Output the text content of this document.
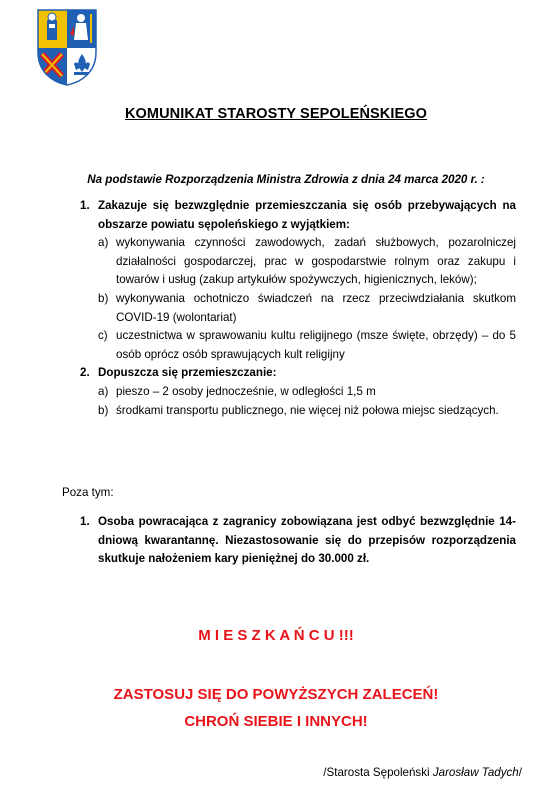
KOMUNIKAT STAROSTY SEPOLEŃSKIEGO
Na podstawie Rozporządzenia Ministra Zdrowia z dnia 24 marca 2020 r. :
1. Zakazuje się bezwzględnie przemieszczania się osób przebywających na obszarze powiatu sępoleńskiego z wyjątkiem:
a) wykonywania czynności zawodowych, zadań służbowych, pozarolniczej działalności gospodarczej, prac w gospodarstwie rolnym oraz zakupu i towarów i usług (zakup artykułów spożywczych, higienicznych, leków);
b) wykonywania ochotniczo świadczeń na rzecz przeciwdziałania skutkom COVID-19 (wolontariat)
c) uczestnictwa w sprawowaniu kultu religijnego (msze święte, obrzędy) – do 5 osób oprócz osób sprawujących kult religijny
2. Dopuszcza się przemieszczanie:
a) pieszo – 2 osoby jednocześnie, w odległości 1,5 m
b) środkami transportu publicznego, nie więcej niż połowa miejsc siedzących.
Poza tym:
1. Osoba powracająca z zagranicy zobowiązana jest odbyć bezwzględnie 14-dniową kwarantannę. Niezastosowanie się do przepisów rozporządzenia skutkuje nałożeniem kary pieniężnej do 30.000 zł.
M I E S Z K A Ń C U !!!
ZASTOSUJ SIĘ DO POWYŻSZYCH ZALECEŃ!
CHROŃ SIEBIE I INNYCH!
/Starosta Sępoleński Jarosław Tadych/
